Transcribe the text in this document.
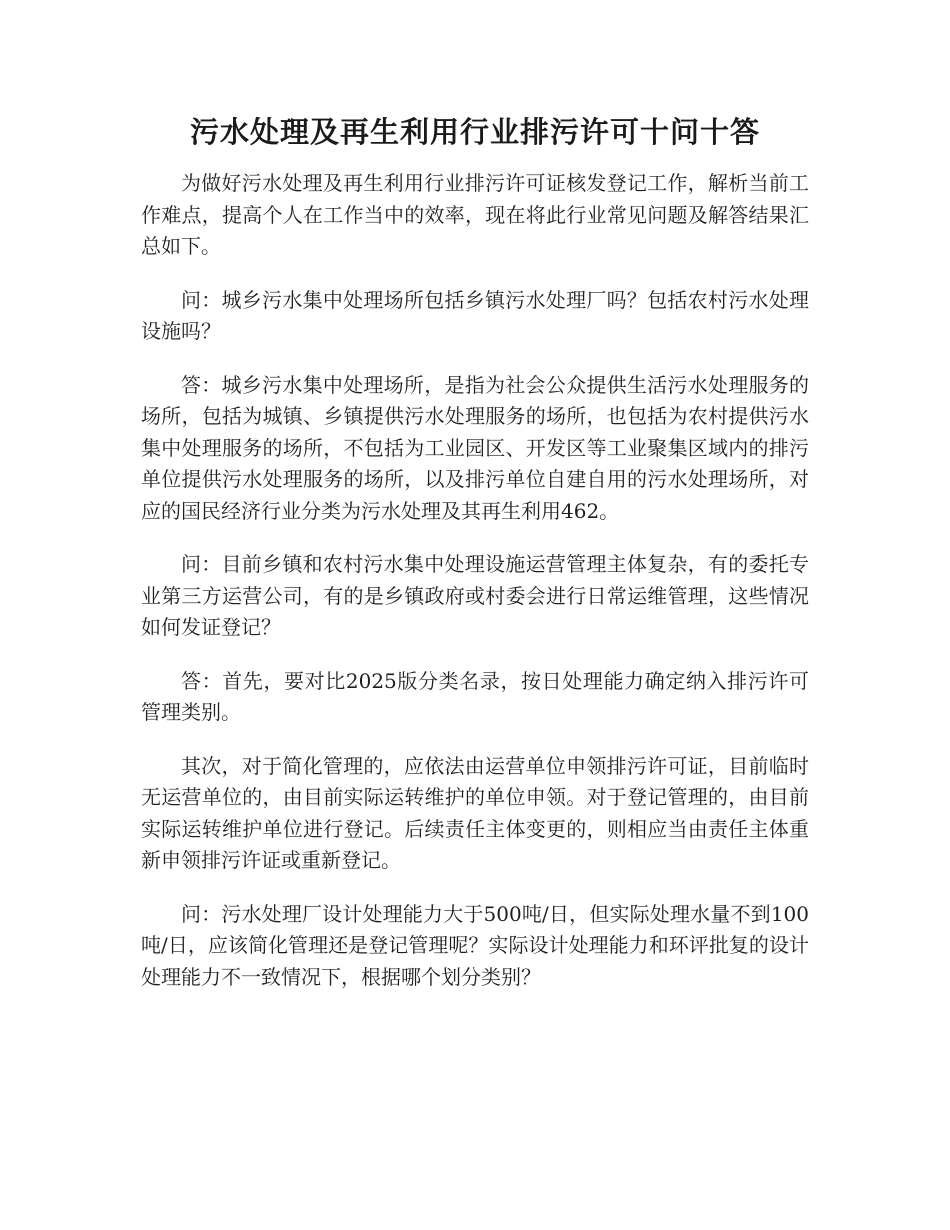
污水处理及再生利用行业排污许可十问十答

为做好污水处理及再生利用行业排污许可证核发登记工作，解析当前工作难点，提高个人在工作当中的效率，现在将此行业常见问题及解答结果汇总如下。

问：城乡污水集中处理场所包括乡镇污水处理厂吗？包括农村污水处理设施吗？

答：城乡污水集中处理场所，是指为社会公众提供生活污水处理服务的场所，包括为城镇、乡镇提供污水处理服务的场所，也包括为农村提供污水集中处理服务的场所，不包括为工业园区、开发区等工业聚集区域内的排污单位提供污水处理服务的场所，以及排污单位自建自用的污水处理场所，对应的国民经济行业分类为污水处理及其再生利用462。

问：目前乡镇和农村污水集中处理设施运营管理主体复杂，有的委托专业第三方运营公司，有的是乡镇政府或村委会进行日常运维管理，这些情况如何发证登记？

答：首先，要对比2025版分类名录，按日处理能力确定纳入排污许可管理类别。

其次，对于简化管理的，应依法由运营单位申领排污许可证，目前临时无运营单位的，由目前实际运转维护的单位申领。对于登记管理的，由目前实际运转维护单位进行登记。后续责任主体变更的，则相应当由责任主体重新申领排污许证或重新登记。

问：污水处理厂设计处理能力大于500吨/日，但实际处理水量不到100吨/日，应该简化管理还是登记管理呢？实际设计处理能力和环评批复的设计处理能力不一致情况下，根据哪个划分类别？
